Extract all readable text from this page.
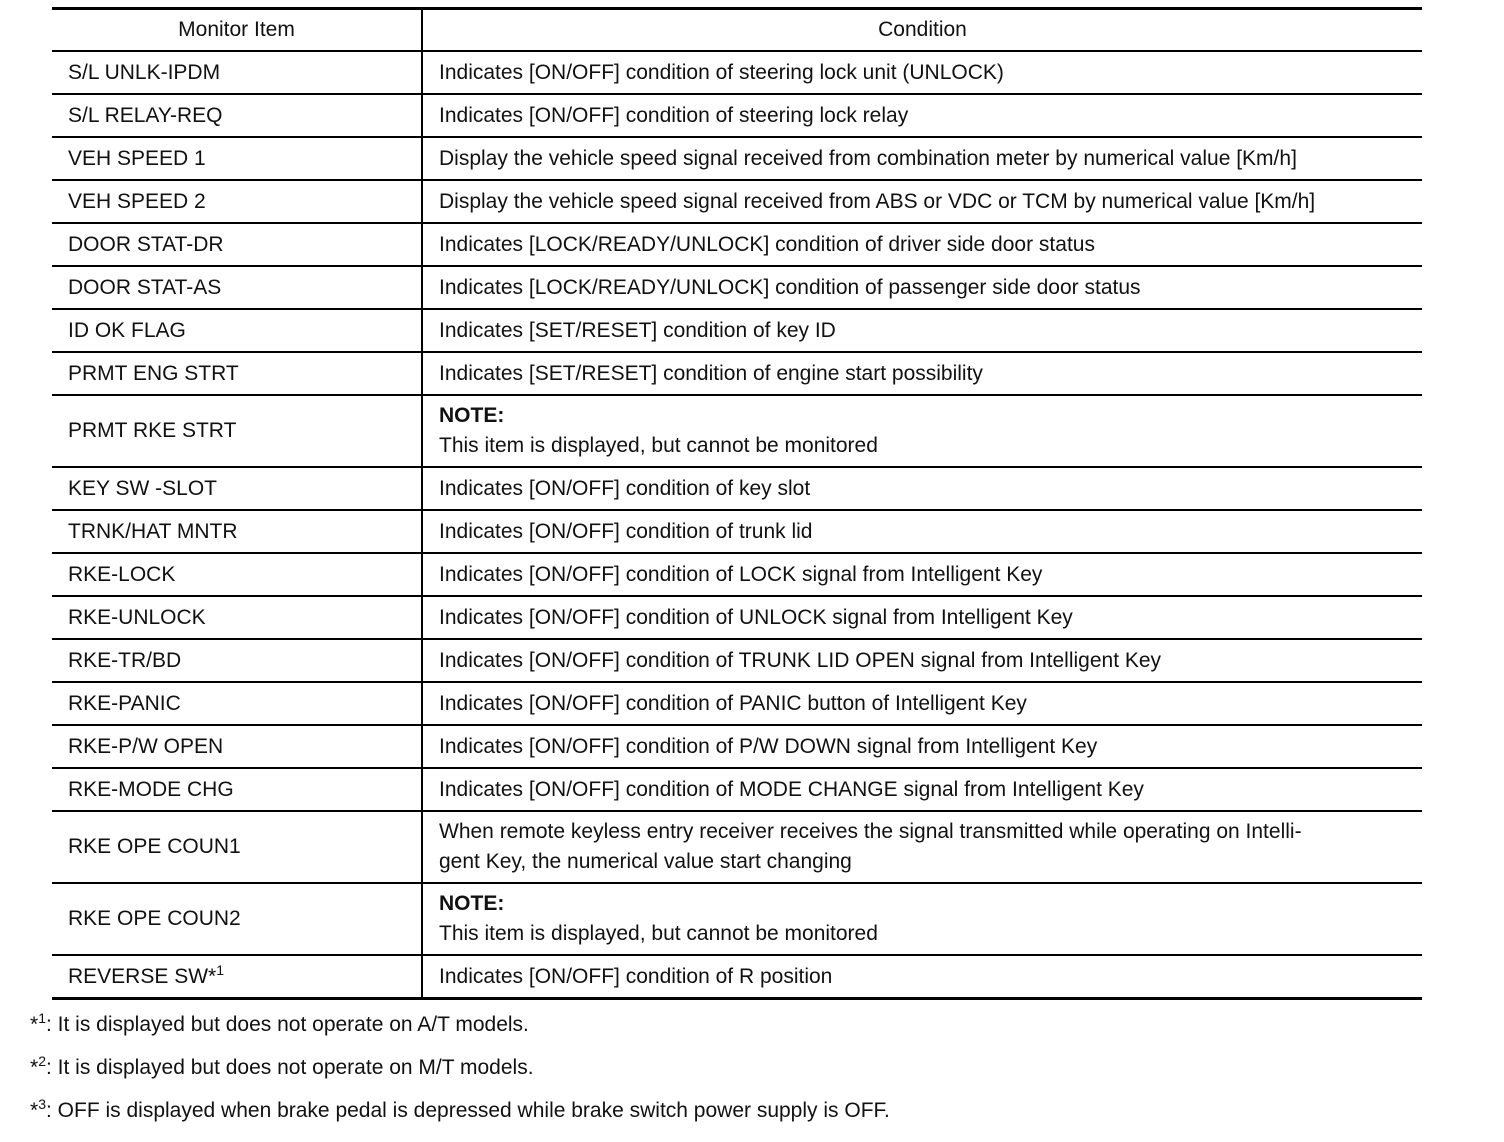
Monitor Item	Condition
S/L UNLK-IPDM	Indicates [ON/OFF] condition of steering lock unit (UNLOCK)
S/L RELAY-REQ	Indicates [ON/OFF] condition of steering lock relay
VEH SPEED 1	Display the vehicle speed signal received from combination meter by numerical value [Km/h]
VEH SPEED 2	Display the vehicle speed signal received from ABS or VDC or TCM by numerical value [Km/h]
DOOR STAT-DR	Indicates [LOCK/READY/UNLOCK] condition of driver side door status
DOOR STAT-AS	Indicates [LOCK/READY/UNLOCK] condition of passenger side door status
ID OK FLAG	Indicates [SET/RESET] condition of key ID
PRMT ENG STRT	Indicates [SET/RESET] condition of engine start possibility
PRMT RKE STRT	NOTE:
This item is displayed, but cannot be monitored

KEY SW -SLOT	Indicates [ON/OFF] condition of key slot
TRNK/HAT MNTR	Indicates [ON/OFF] condition of trunk lid
RKE-LOCK	Indicates [ON/OFF] condition of LOCK signal from Intelligent Key
RKE-UNLOCK	Indicates [ON/OFF] condition of UNLOCK signal from Intelligent Key
RKE-TR/BD	Indicates [ON/OFF] condition of TRUNK LID OPEN signal from Intelligent Key
RKE-PANIC	Indicates [ON/OFF] condition of PANIC button of Intelligent Key
RKE-P/W OPEN	Indicates [ON/OFF] condition of P/W DOWN signal from Intelligent Key
RKE-MODE CHG	Indicates [ON/OFF] condition of MODE CHANGE signal from Intelligent Key
RKE OPE COUN1	When remote keyless entry receiver receives the signal transmitted while operating on Intelli-
gent Key, the numerical value start changing

RKE OPE COUN2	NOTE:
This item is displayed, but cannot be monitored

REVERSE SW*$^1$	Indicates [ON/OFF] condition of R position
*$^1$: It is displayed but does not operate on A/T models.
*$^2$: It is displayed but does not operate on M/T models.
*$^3$: OFF is displayed when brake pedal is depressed while brake switch power supply is OFF.
